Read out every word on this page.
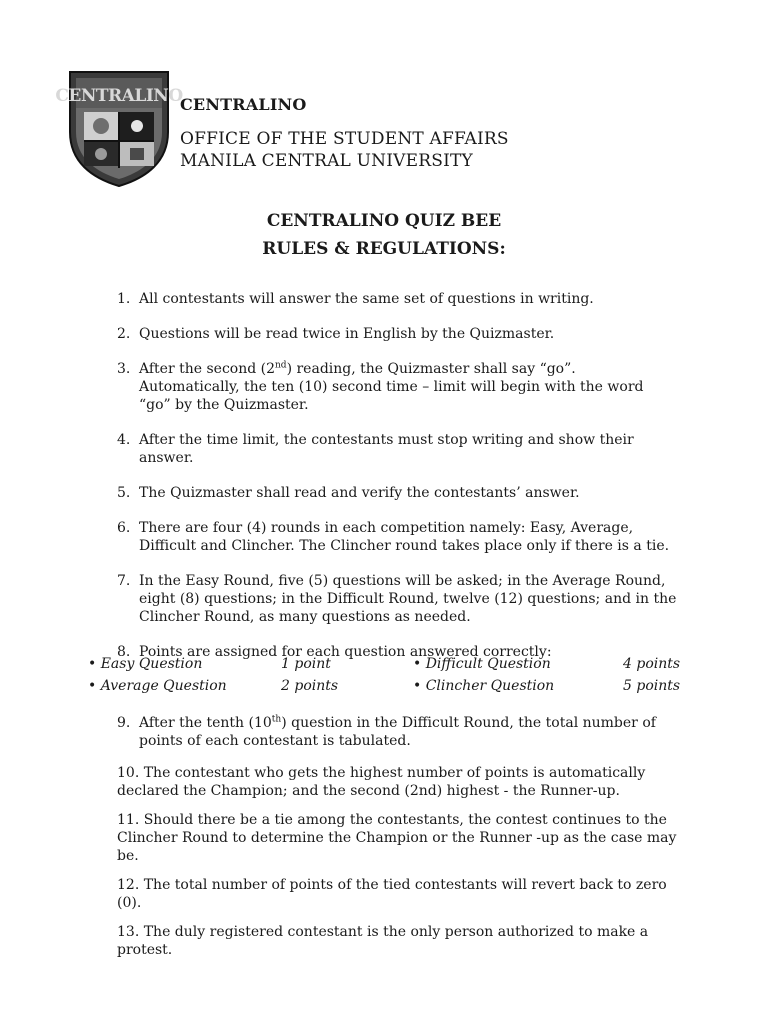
CENTRALINO
CENTRALINO
OFFICE OF THE STUDENT AFFAIRS
MANILA CENTRAL UNIVERSITY
CENTRALINO QUIZ BEE
RULES & REGULATIONS:
1. All contestants will answer the same set of questions in writing.
2. Questions will be read twice in English by the Quizmaster.
3. After the second (2nd) reading, the Quizmaster shall say “go”. Automatically, the ten (10) second time – limit will begin with the word “go” by the Quizmaster.
4. After the time limit, the contestants must stop writing and show their answer.
5. The Quizmaster shall read and verify the contestants’ answer.
6. There are four (4) rounds in each competition namely: Easy, Average, Difficult and Clincher. The Clincher round takes place only if there is a tie.
7. In the Easy Round, five (5) questions will be asked; in the Average Round, eight (8) questions; in the Difficult Round, twelve (12) questions; and in the Clincher Round, as many questions as needed.
8. Points are assigned for each question answered correctly:
• Easy Question	1 point	• Difficult Question	4 points
• Average Question	2 points	• Clincher Question	5 points
9. After the tenth (10th) question in the Difficult Round, the total number of points of each contestant is tabulated.
10. The contestant who gets the highest number of points is automatically declared the Champion; and the second (2nd) highest - the Runner-up.
11. Should there be a tie among the contestants, the contest continues to the Clincher Round to determine the Champion or the Runner -up as the case may be.
12. The total number of points of the tied contestants will revert back to zero (0).
13. The duly registered contestant is the only person authorized to make a protest.
